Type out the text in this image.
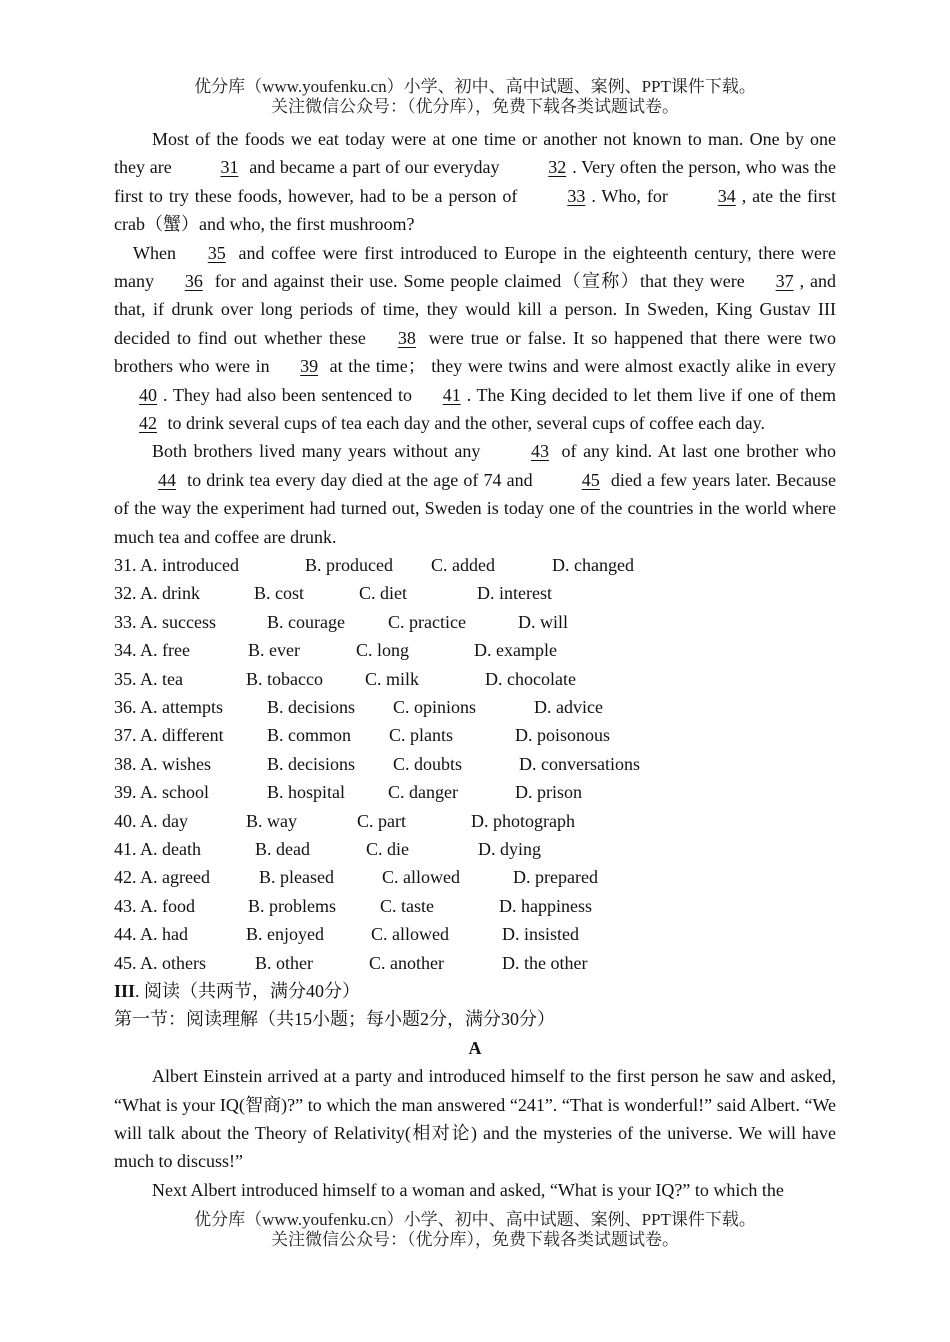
优分库（www.youfenku.cn）小学、初中、高中试题、案例、PPT课件下载。
关注微信公众号：（优分库），免费下载各类试题试卷。

Most of the foods we eat today were at one time or another not known to man. One by one they are 31 and became a part of our everyday 32 . Very often the person, who was the first to try these foods, however, had to be a person of 33 . Who, for 34 , ate the first crab（蟹）and who, the first mushroom?

When 35 and coffee were first introduced to Europe in the eighteenth century, there were many 36 for and against their use. Some people claimed（宣称）that they were 37 , and that, if drunk over long periods of time, they would kill a person. In Sweden, King Gustav III decided to find out whether these 38 were true or false. It so happened that there were two brothers who were in 39 at the time； they were twins and were almost exactly alike in every 40 . They had also been sentenced to 41 . The King decided to let them live if one of them 42 to drink several cups of tea each day and the other, several cups of coffee each day.

Both brothers lived many years without any 43 of any kind. At last one brother who 44 to drink tea every day died at the age of 74 and 45 died a few years later. Because of the way the experiment had turned out, Sweden is today one of the countries in the world where much tea and coffee are drunk.

31. A. introduced	B. produced C. added	D. changed
32. A. drink	B. cost	C. diet	D. interest
33. A. success	B. courage C. practice	D. will
34. A. free	B. ever	C. long	D. example
35. A. tea	B. tobacco C. milk	D. chocolate
36. A. attempts B. decisions C. opinions	D. advice
37. A. different B. common C. plants	D. poisonous
38. A. wishes	B. decisions C. doubts	D. conversations
39. A. school	B. hospital C. danger	D. prison
40. A. day	B. way	C. part	D. photograph
41. A. death	B. dead	C. die	D. dying
42. A. agreed	B. pleased	C. allowed	D. prepared
43. A. food	B. problems C. taste	D. happiness
44. A. had	B. enjoyed	C. allowed	D. insisted
45. A. others	B. other	C. another	D. the other
III. 阅读（共两节，满分40分）
第一节：阅读理解（共15小题；每小题2分，满分30分）
A

Albert Einstein arrived at a party and introduced himself to the first person he saw and asked, “What is your IQ(智商)?” to which the man answered “241”. “That is wonderful!” said Albert. “We will talk about the Theory of Relativity(相对论) and the mysteries of the universe. We will have much to discuss!”

Next Albert introduced himself to a woman and asked, “What is your IQ?” to which the

优分库（www.youfenku.cn）小学、初中、高中试题、案例、PPT课件下载。
关注微信公众号：（优分库），免费下载各类试题试卷。
